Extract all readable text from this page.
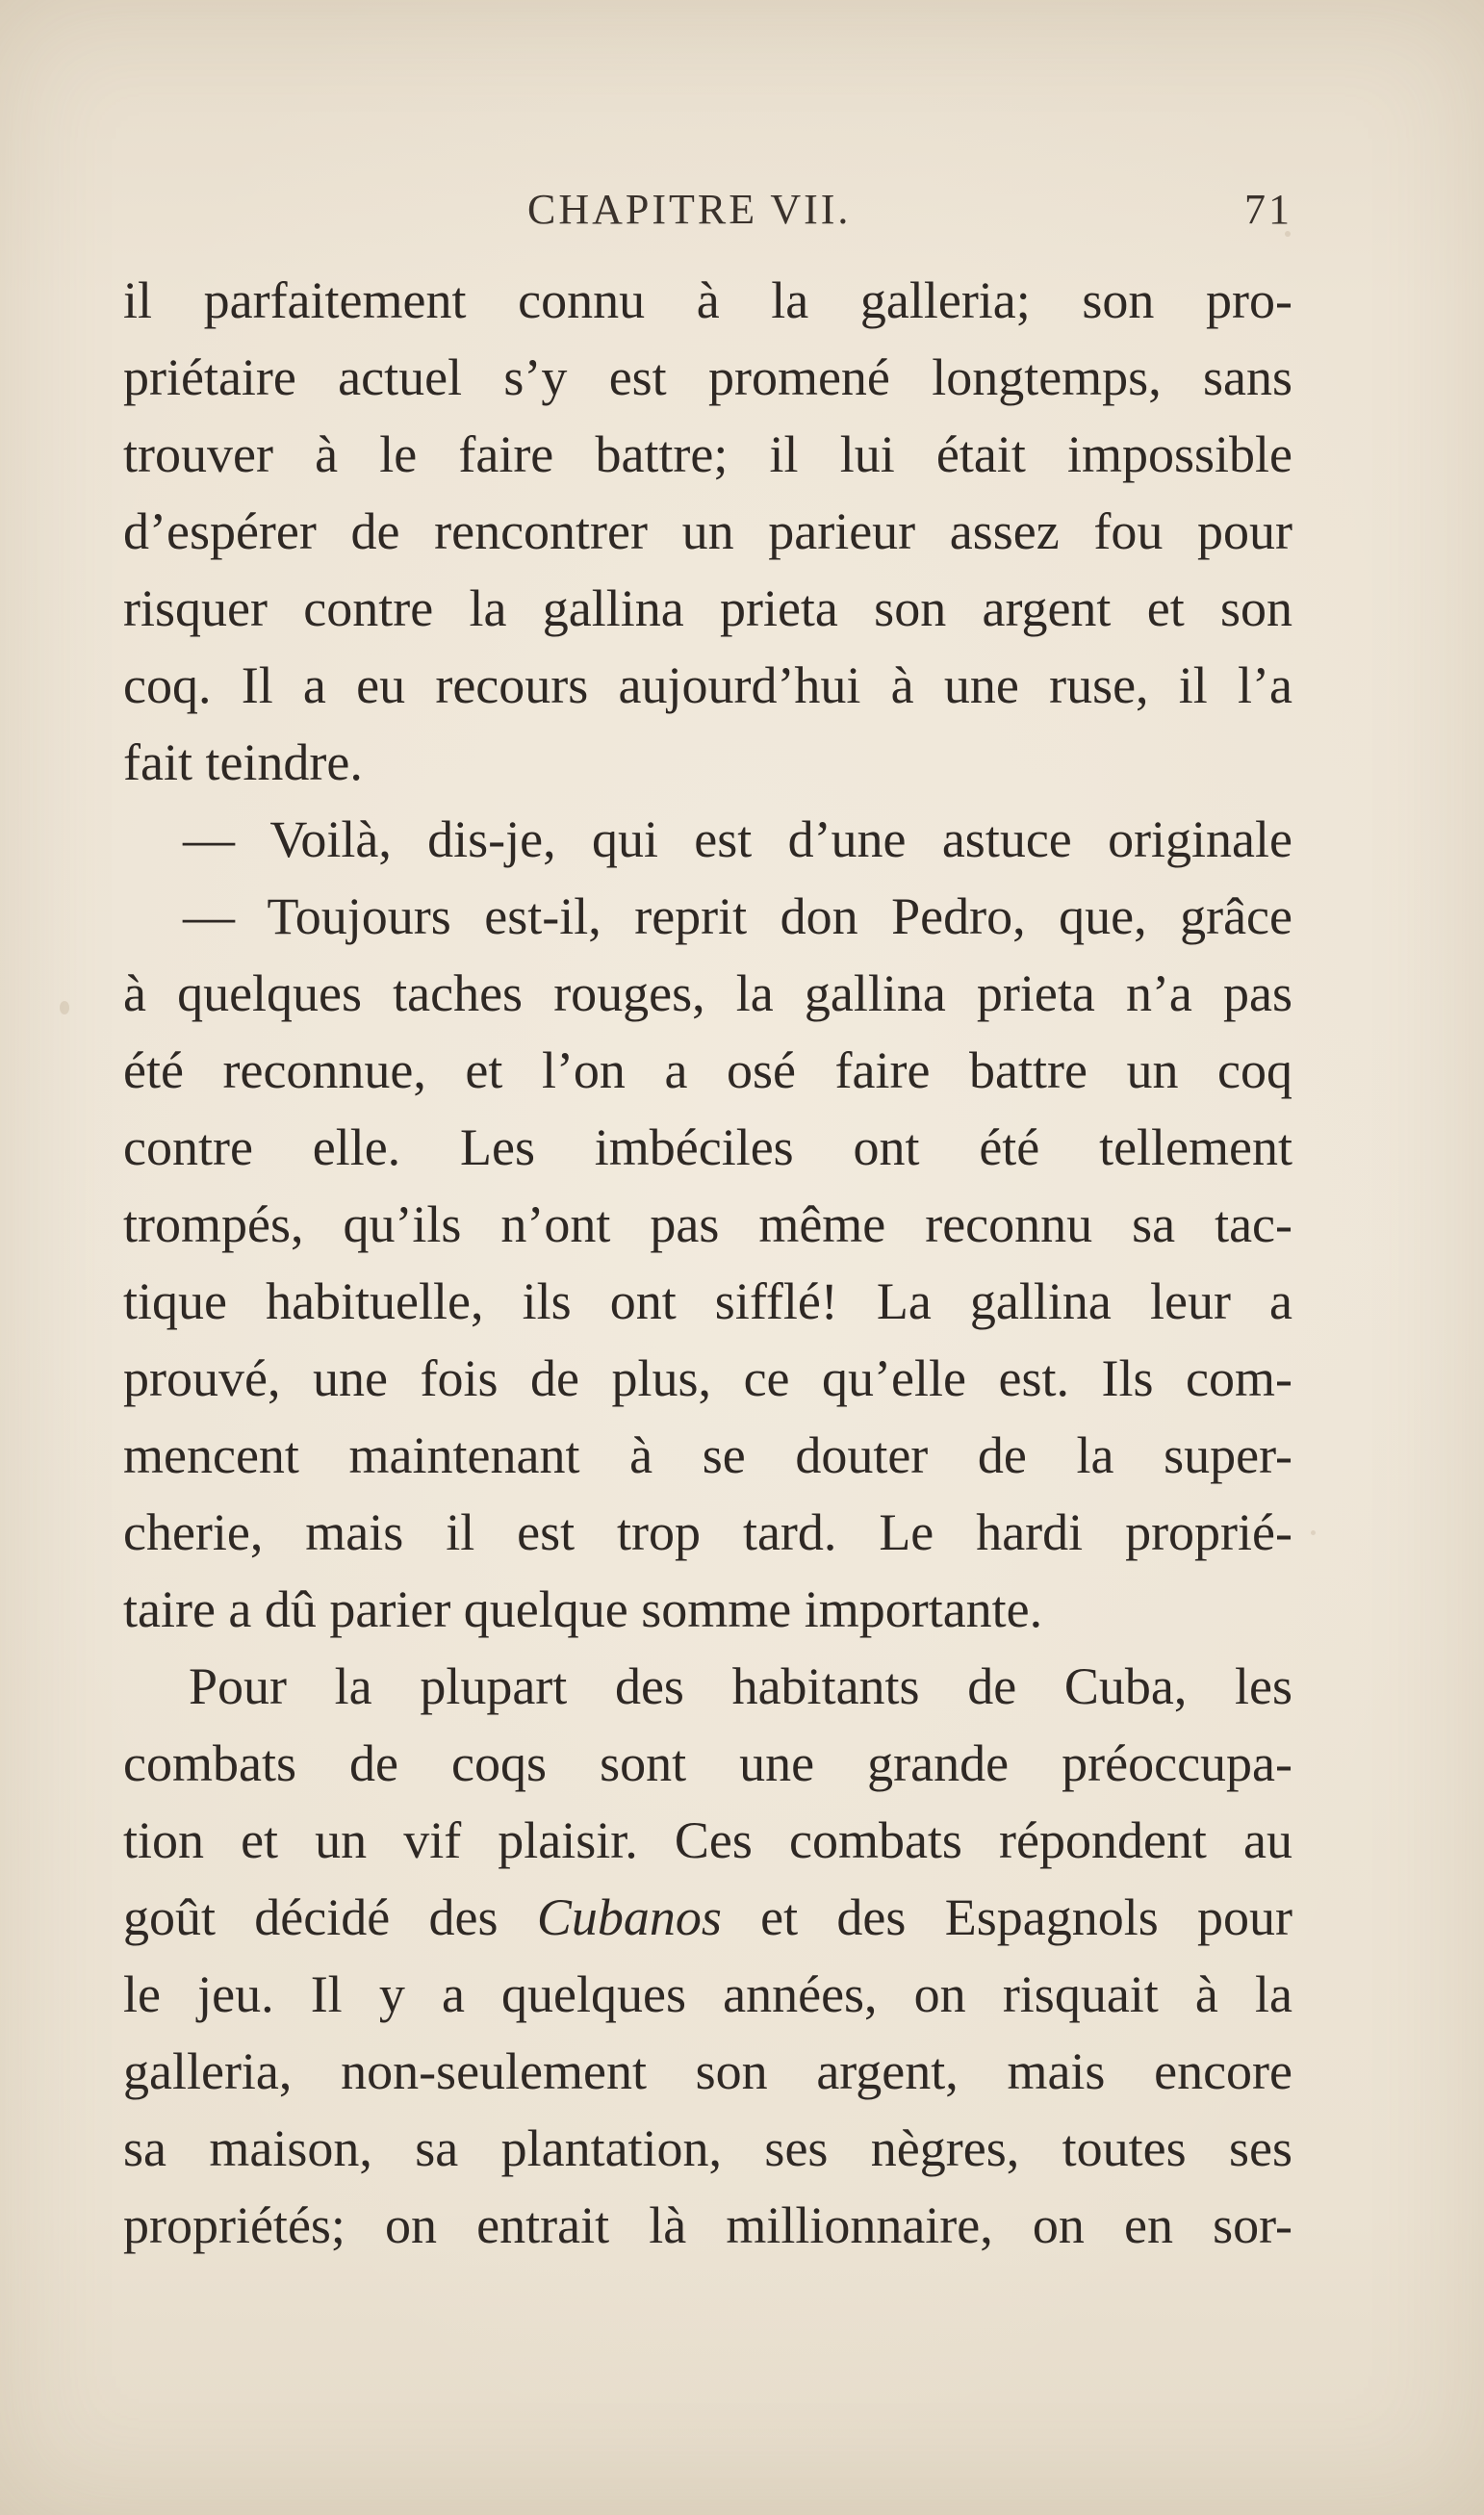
CHAPITRE VII.	71
il parfaitement connu à la galleria; son pro-
priétaire actuel s’y est promené longtemps, sans
trouver à le faire battre; il lui était impossible
d’espérer de rencontrer un parieur assez fou pour
risquer contre la gallina prieta son argent et son
coq. Il a eu recours aujourd’hui à une ruse, il l’a
fait teindre.
— Voilà, dis-je, qui est d’une astuce originale
— Toujours est-il, reprit don Pedro, que, grâce
à quelques taches rouges, la gallina prieta n’a pas
été reconnue, et l’on a osé faire battre un coq
contre elle. Les imbéciles ont été tellement
trompés, qu’ils n’ont pas même reconnu sa tac-
tique habituelle, ils ont sifflé! La gallina leur a
prouvé, une fois de plus, ce qu’elle est. Ils com-
mencent maintenant à se douter de la super-
cherie, mais il est trop tard. Le hardi proprié-
taire a dû parier quelque somme importante.
Pour la plupart des habitants de Cuba, les
combats de coqs sont une grande préoccupa-
tion et un vif plaisir. Ces combats répondent au
goût décidé des Cubanos et des Espagnols pour
le jeu. Il y a quelques années, on risquait à la
galleria, non-seulement son argent, mais encore
sa maison, sa plantation, ses nègres, toutes ses
propriétés; on entrait là millionnaire, on en sor-
